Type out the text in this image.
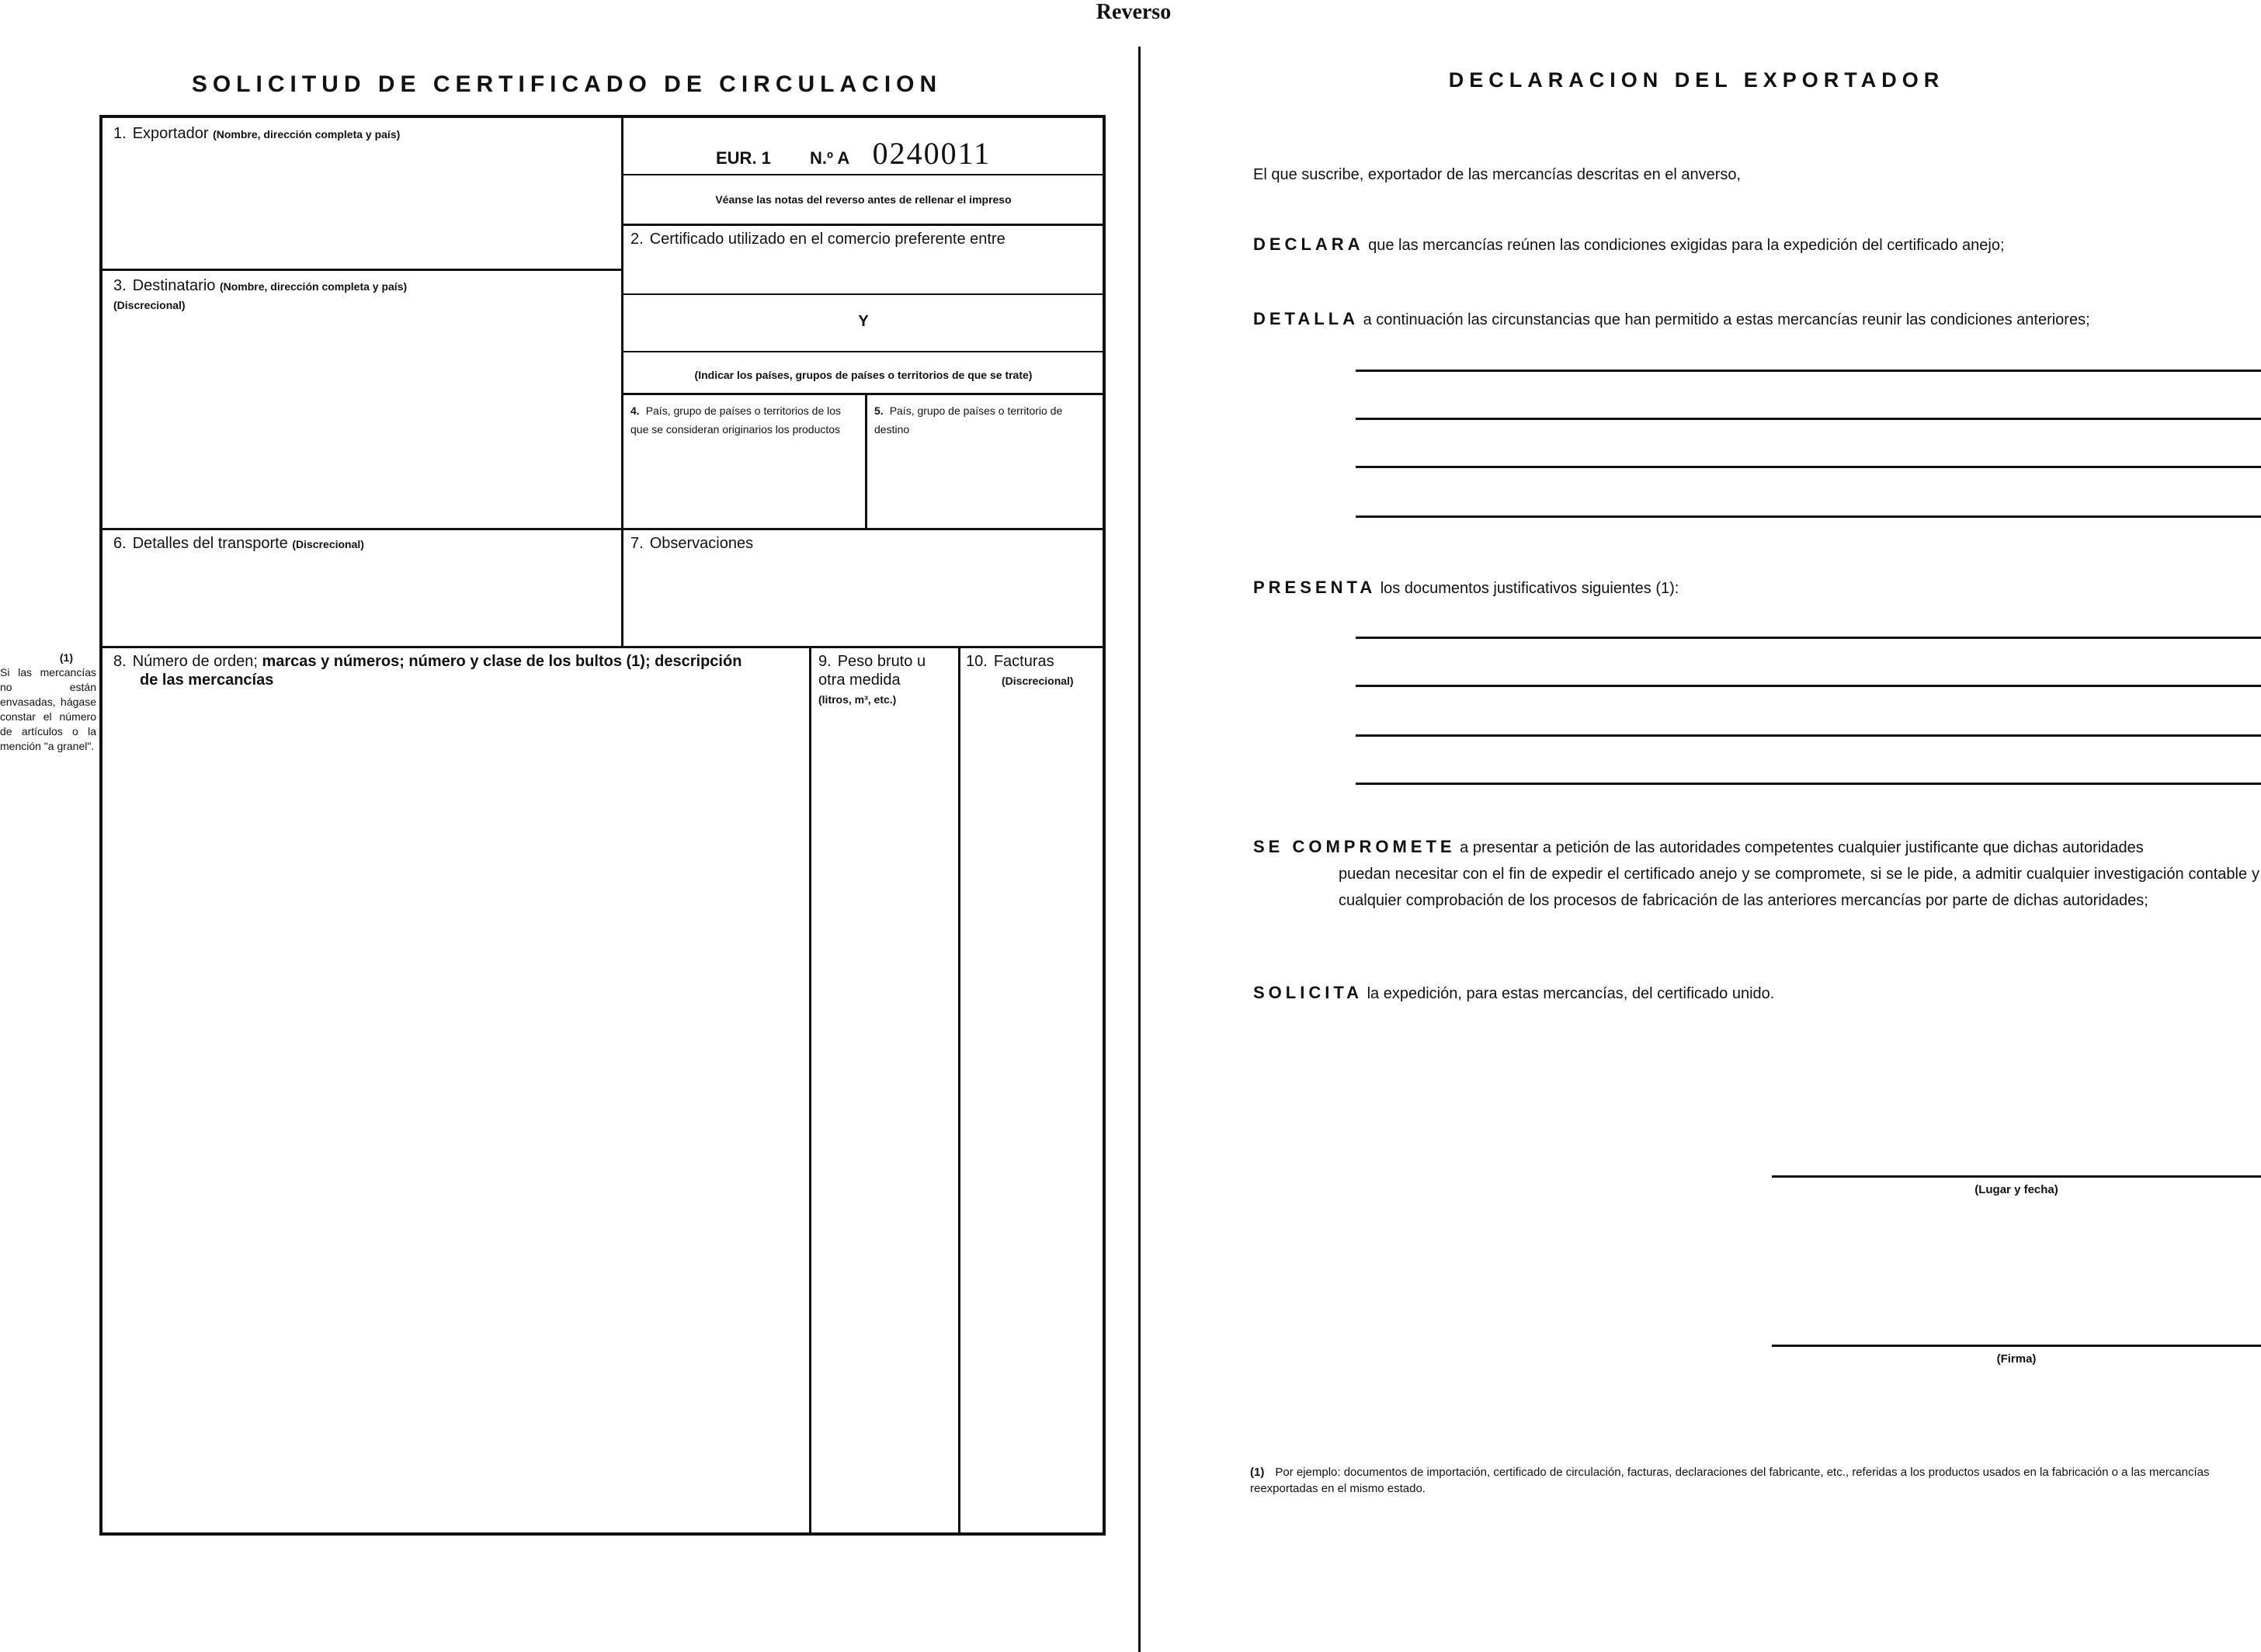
Reverso
SOLICITUD DE CERTIFICADO DE CIRCULACION
1. Exportador (Nombre, dirección completa y país)
EUR. 1 N.º A 0240011
Véanse las notas del reverso antes de rellenar el impreso
2. Certificado utilizado en el comercio preferente entre
Y
(Indicar los países, grupos de países o territorios de que se trate)
3. Destinatario (Nombre, dirección completa y país)
(Discrecional)
4. País, grupo de países o territorios de los que se consideran originarios los productos
5. País, grupo de países o territorio de destino
6. Detalles del transporte (Discrecional)	7. Observaciones
8. Número de orden; marcas y números; número y clase de los bultos (1); descripción
de las mercancías
9. Peso bruto u otra medida
(litros, m³, etc.)
10. Facturas
(Discrecional)
(1)
Si las mercancías no están envasadas, hágase constar el número de artículos o la mención "a granel".
DECLARACION DEL EXPORTADOR
El que suscribe, exportador de las mercancías descritas en el anverso,
DECLARA que las mercancías reúnen las condiciones exigidas para la expedición del certificado anejo;
DETALLA a continuación las circunstancias que han permitido a estas mercancías reunir las condiciones anteriores;
PRESENTA los documentos justificativos siguientes (1):
SE COMPROMETE a presentar a petición de las autoridades competentes cualquier justificante que dichas autoridades
puedan necesitar con el fin de expedir el certificado anejo y se compromete, si se le pide, a admitir cualquier investigación contable y cualquier comprobación de los procesos de fabricación de las anteriores mercancías por parte de dichas autoridades;
SOLICITA la expedición, para estas mercancías, del certificado unido.
(Lugar y fecha)
(Firma)
(1) Por ejemplo: documentos de importación, certificado de circulación, facturas, declaraciones del fabricante, etc., referidas a los productos usados en la fabricación o a las mercancías reexportadas en el mismo estado.
